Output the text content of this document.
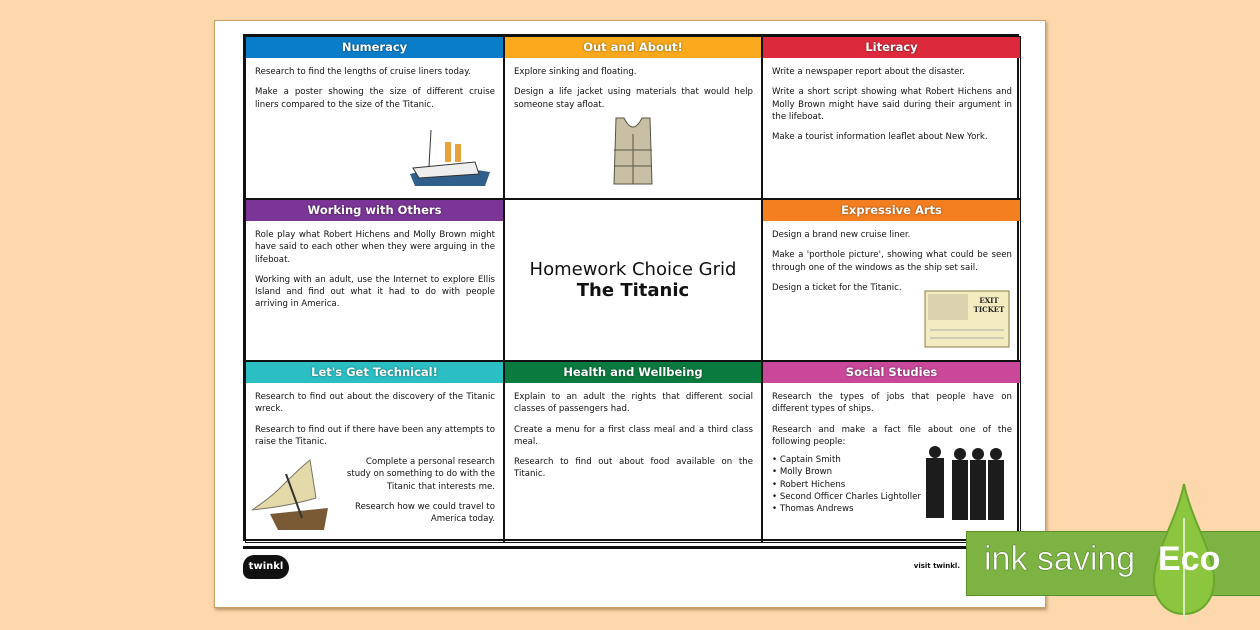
Numeracy

Research to find the lengths of cruise liners today.

Make a poster showing the size of different cruise liners compared to the size of the Titanic.

Out and About!

Explore sinking and floating.

Design a life jacket using materials that would help someone stay afloat.

Literacy

Write a newspaper report about the disaster.

Write a short script showing what Robert Hichens and Molly Brown might have said during their argument in the lifeboat.

Make a tourist information leaflet about New York.

Working with Others

Role play what Robert Hichens and Molly Brown might have said to each other when they were arguing in the lifeboat.

Working with an adult, use the Internet to explore Ellis Island and find out what it had to do with people arriving in America.

Homework Choice Grid
The Titanic
Expressive Arts

Design a brand new cruise liner.

Make a 'porthole picture', showing what could be seen through one of the windows as the ship set sail.

Design a ticket for the Titanic.

EXIT TICKET
Let's Get Technical!

Research to find out about the discovery of the Titanic wreck.

Research to find out if there have been any attempts to raise the Titanic.

Complete a personal research study on something to do with the Titanic that interests me.

Research how we could travel to America today.

Health and Wellbeing

Explain to an adult the rights that different social classes of passengers had.

Create a menu for a first class meal and a third class meal.

Research to find out about food available on the Titanic.

Social Studies

Research the types of jobs that people have on different types of ships.

Research and make a fact file about one of the following people:

• Captain Smith
• Molly Brown
• Robert Hichens
• Second Officer Charles Lightoller
• Thomas Andrews
twinkl	visit twinkl. ink saving Eco
